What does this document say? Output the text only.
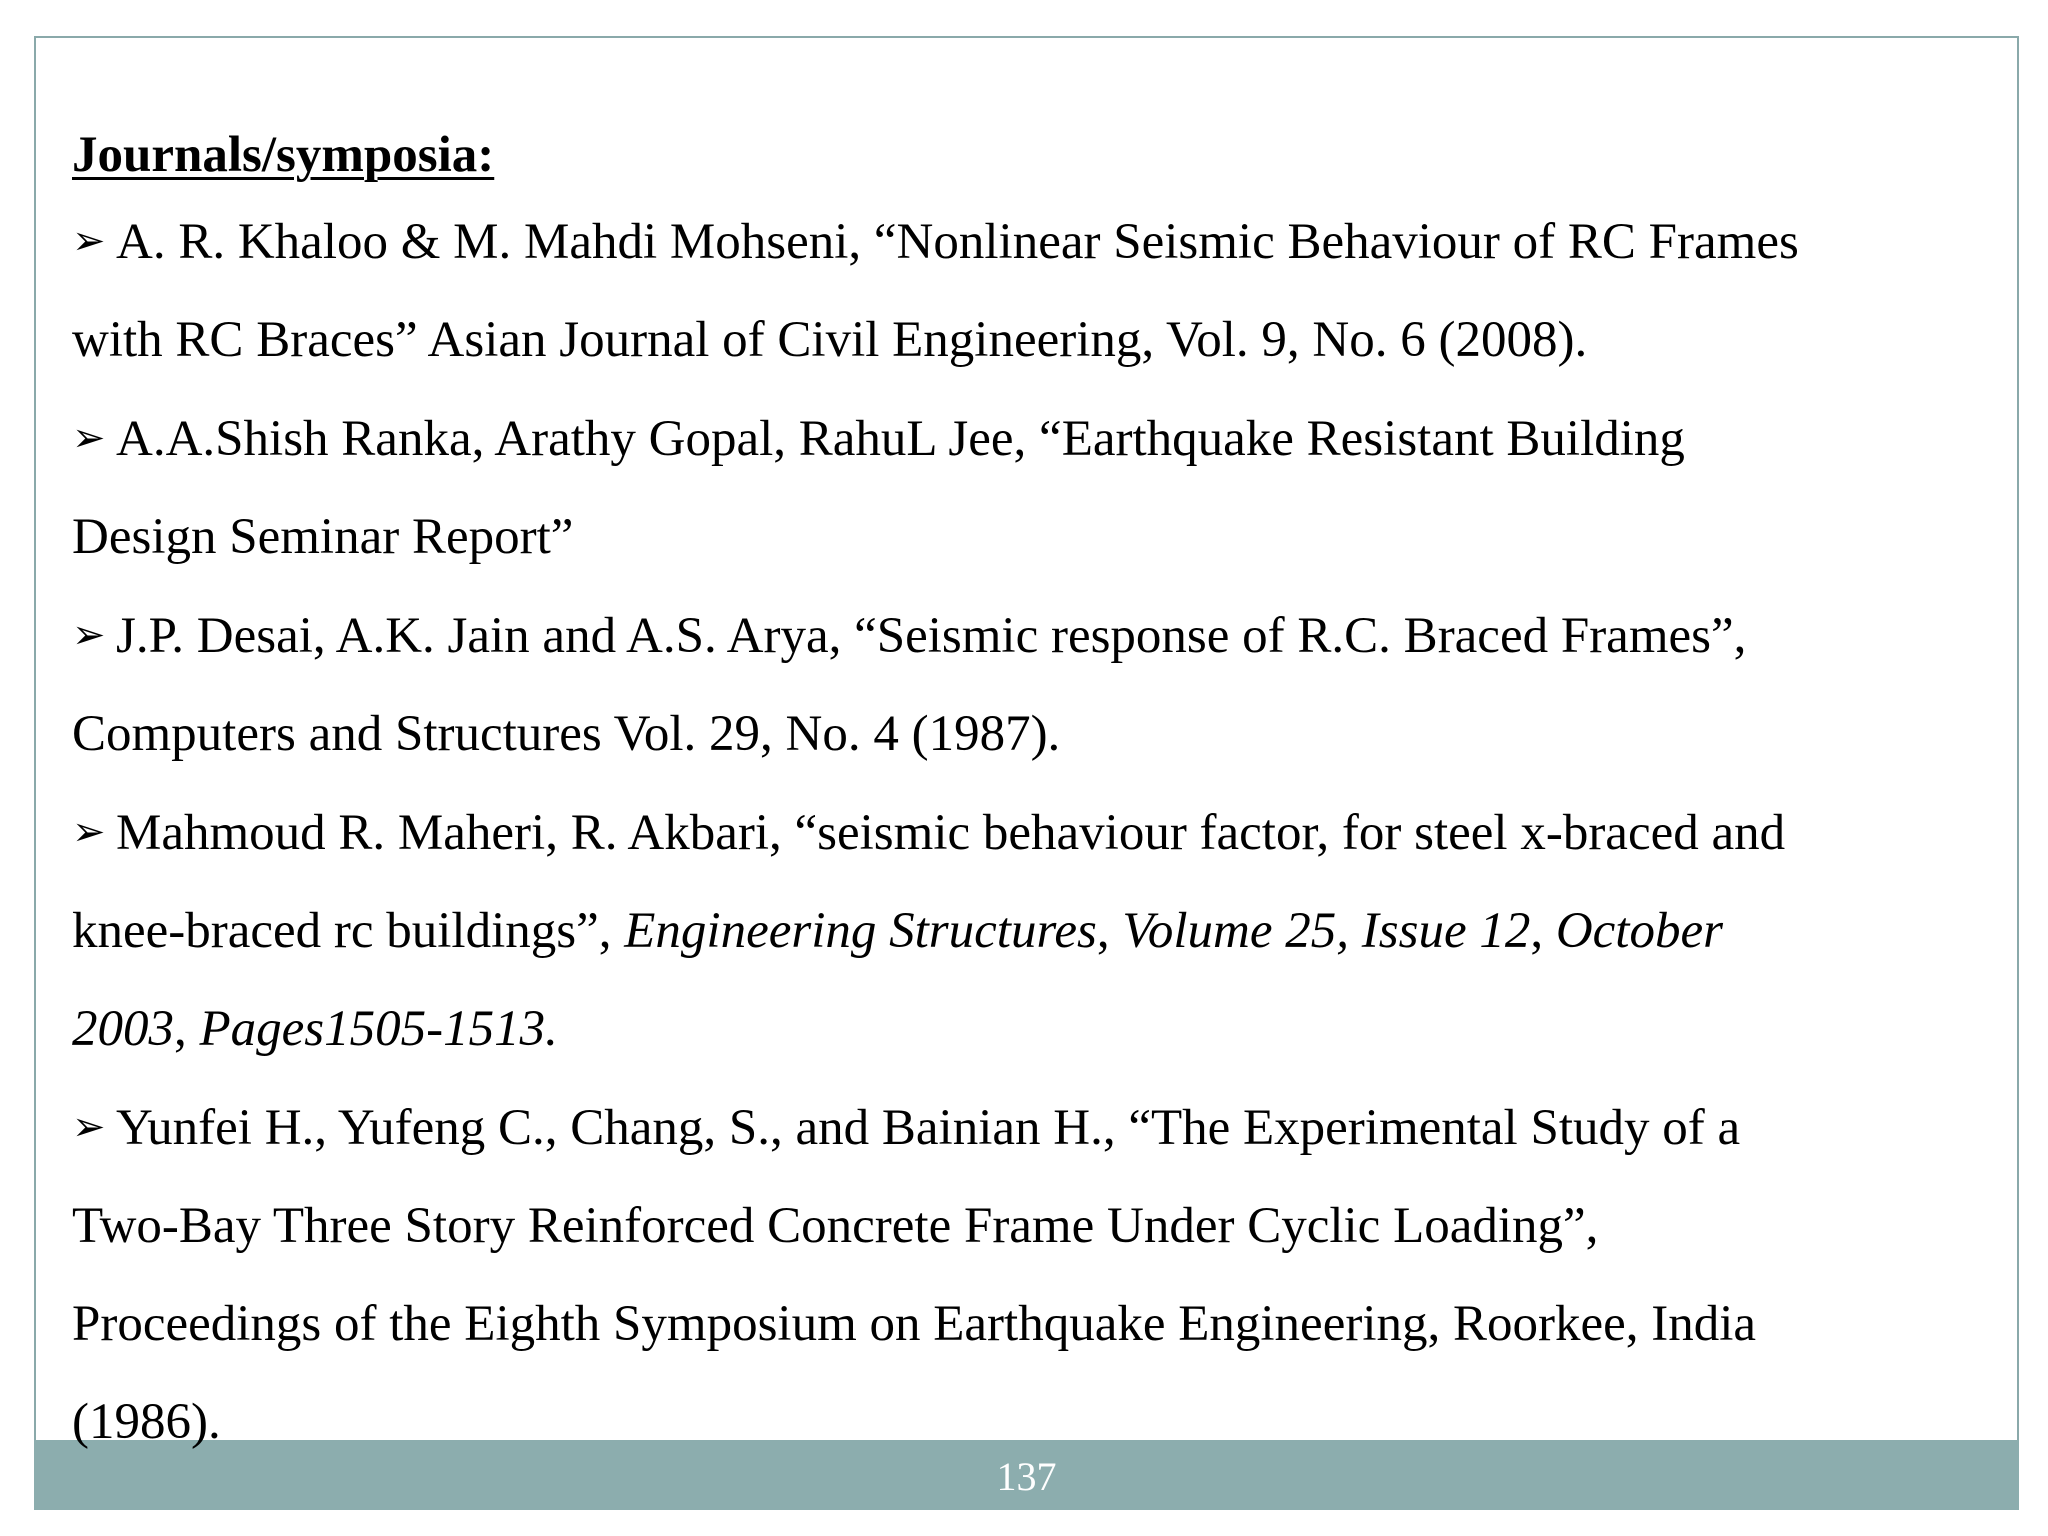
137
Journals/symposia:
➢ A. R. Khaloo & M. Mahdi Mohseni, “Nonlinear Seismic Behaviour of RC Frames
with RC Braces” Asian Journal of Civil Engineering, Vol. 9, No. 6 (2008).
➢ A.A.Shish Ranka, Arathy Gopal, RahuL Jee, “Earthquake Resistant Building
Design Seminar Report”
➢ J.P. Desai, A.K. Jain and A.S. Arya, “Seismic response of R.C. Braced Frames”,
Computers and Structures Vol. 29, No. 4 (1987).
➢ Mahmoud R. Maheri, R. Akbari, “seismic behaviour factor, for steel x-braced and
knee-braced rc buildings”, Engineering Structures, Volume 25, Issue 12, October
2003, Pages1505-1513.
➢ Yunfei H., Yufeng C., Chang, S., and Bainian H., “The Experimental Study of a
Two-Bay Three Story Reinforced Concrete Frame Under Cyclic Loading”,
Proceedings of the Eighth Symposium on Earthquake Engineering, Roorkee, India
(1986).
